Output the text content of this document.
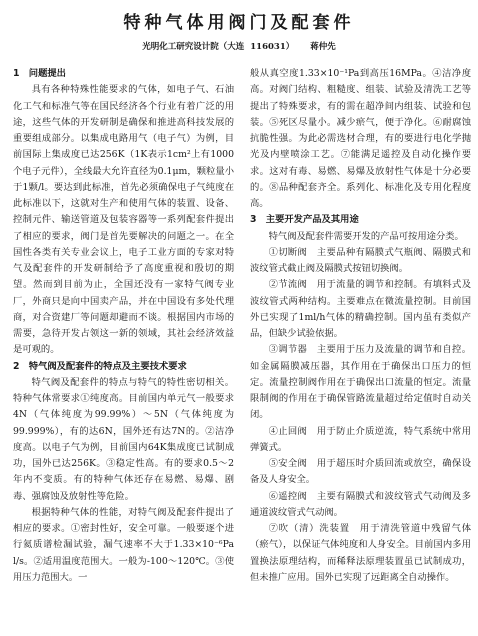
特种气体用阀门及配套件
光明化工研究设计院（大连 116031） 蒋仲先
1　问题提出

具有各种特殊性能要求的气体，如电子气、石油化工气和标准气等在国民经济各个行业有着广泛的用途，这些气体的开发研制是确保和推进高科技发展的重要组成部分。以集成电路用气（电子气）为例，目前国际上集成度已达256K（1K表示1cm²上有1000个电子元件），全线最大允许直径为0.1μm，颗粒量小于1颗/l。要达到此标准，首先必须确保电子气纯度在此标准以下，这就对生产和使用气体的装置、设备、控制元件、输送管道及包装容器等一系列配套件提出了相应的要求，阀门是首先要解决的问题之一。在全国性各类有关专业会议上，电子工业方面的专家对特气及配套件的开发研制给予了高度重视和殷切的期望。然而到目前为止，全国还没有一家特气阀专业厂，外商只是向中国卖产品，并在中国设有多处代理商，对合资建厂等问题却避而不谈。根据国内市场的需要，急待开发占领这一新的领域，其社会经济效益是可观的。

2　特气阀及配套件的特点及主要技术要求

特气阀及配套件的特点与特气的特性密切相关。特种气体常要求①纯度高。目前国内单元气一般要求4N（气体纯度为99.99%）～5N（气体纯度为99.999%），有的达6N，国外还有达7N的。②洁净度高。以电子气为例，目前国内64K集成度已试制成功，国外已达256K。③稳定性高。有的要求0.5～2年内不变质。有的特种气体还存在易燃、易爆、剧毒、强腐蚀及放射性等危险。

根据特种气体的性能，对特气阀及配套件提出了相应的要求。①密封性好，安全可靠。一般要逐个进行氦质谱检漏试验，漏气速率不大于1.33×10⁻⁶Pa l/s。②适用温度范围大。一般为-100～120℃。③使用压力范围大。一

般从真空度1.33×10⁻¹Pa到高压16MPa。④洁净度高。对阀门结构、粗糙度、组装、试验及清洗工艺等提出了特殊要求，有的需在超净间内组装、试验和包装。⑤死区尽量小。减少瘀气，便于净化。⑥耐腐蚀抗脆性强。为此必需选材合理，有的要进行电化学抛光及内壁喷涂工艺。⑦能满足遥控及自动化操作要求。这对有毒、易燃、易爆及放射性气体是十分必要的。⑧品种配套齐全。系列化、标准化及专用化程度高。

3　主要开发产品及其用途

特气阀及配套件需要开发的产品可按用途分类。

①切断阀　主要品种有隔膜式气瓶阀、隔膜式和波纹管式截止阀及隔膜式按钮切换阀。

②节流阀　用于流量的调节和控制。有填料式及波纹管式两种结构。主要难点在微流量控制。目前国外已实现了1ml/h气体的精确控制。国内虽有类似产品，但缺少试验依据。

③调节器　主要用于压力及流量的调节和自控。如金属隔膜减压器，其作用在于确保出口压力的恒定。流量控制阀作用在于确保出口流量的恒定。流量限制阀的作用在于确保管路流量超过给定值时自动关闭。

④止回阀　用于防止介质逆流，特气系统中常用弹簧式。

⑤安全阀　用于超压时介质回流或放空，确保设备及人身安全。

⑥遥控阀　主要有隔膜式和波纹管式气动阀及多通道波纹管式气动阀。

⑦吹（清）洗装置　用于清洗管道中残留气体（瘀气），以保证气体纯度和人身安全。目前国内多用置换法原理结构，而稀释法原理装置虽已试制成功，但未推广应用。国外已实现了远距离全自动操作。
